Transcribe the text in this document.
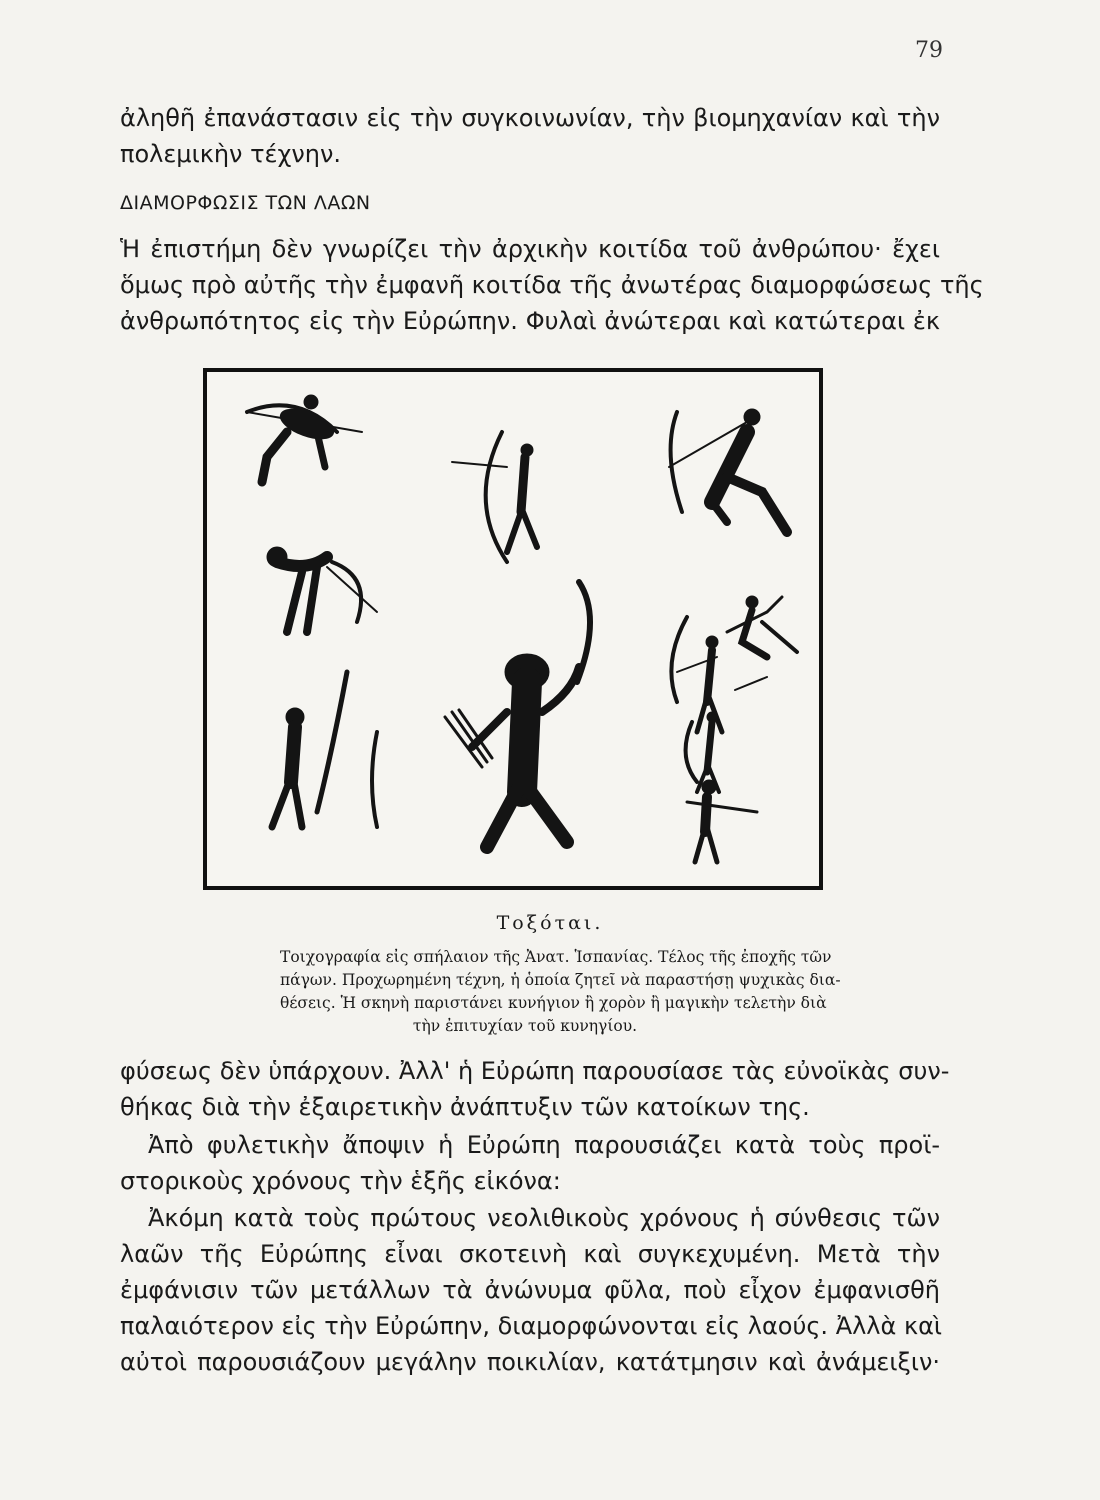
79

ἀληθῆ ἐπανάστασιν εἰς τὴν συγκοινωνίαν, τὴν βιομηχανίαν καὶ τὴν
πολεμικὴν τέχνην.

ΔΙΑΜΟΡΦΩΣΙΣ ΤΩΝ ΛΑΩΝ

Ἡ ἐπιστήμη δὲν γνωρίζει τὴν ἀρχικὴν κοιτίδα τοῦ ἀνθρώπου· ἔχει
ὅμως πρὸ αὐτῆς τὴν ἐμφανῆ κοιτίδα τῆς ἀνωτέρας διαμορφώσεως τῆς
ἀνθρωπότητος εἰς τὴν Εὐρώπην. Φυλαὶ ἀνώτεραι καὶ κατώτεραι ἐκ

Τοξόται.
Τοιχογραφία εἰς σπήλαιον τῆς Ἀνατ. Ἱσπανίας. Τέλος τῆς ἐποχῆς τῶν
πάγων. Προχωρημένη τέχνη, ἡ ὁποία ζητεῖ νὰ παραστήσῃ ψυχικὰς δια-
θέσεις. Ἡ σκηνὴ παριστάνει κυνήγιον ἢ χορὸν ἢ μαγικὴν τελετὴν διὰ
τὴν ἐπιτυχίαν τοῦ κυνηγίου.

φύσεως δὲν ὑπάρχουν. Ἀλλ' ἡ Εὐρώπη παρουσίασε τὰς εὐνοϊκὰς συν-
θήκας διὰ τὴν ἐξαιρετικὴν ἀνάπτυξιν τῶν κατοίκων της.

Ἀπὸ φυλετικὴν ἄποψιν ἡ Εὐρώπη παρουσιάζει κατὰ τοὺς προϊ-
στορικοὺς χρόνους τὴν ἑξῆς εἰκόνα:

Ἀκόμη κατὰ τοὺς πρώτους νεολιθικοὺς χρόνους ἡ σύνθεσις τῶν
λαῶν τῆς Εὐρώπης εἶναι σκοτεινὴ καὶ συγκεχυμένη. Μετὰ τὴν
ἐμφάνισιν τῶν μετάλλων τὰ ἀνώνυμα φῦλα, ποὺ εἶχον ἐμφανισθῆ
παλαιότερον εἰς τὴν Εὐρώπην, διαμορφώνονται εἰς λαούς. Ἀλλὰ καὶ
αὐτοὶ παρουσιάζουν μεγάλην ποικιλίαν, κατάτμησιν καὶ ἀνάμειξιν·
